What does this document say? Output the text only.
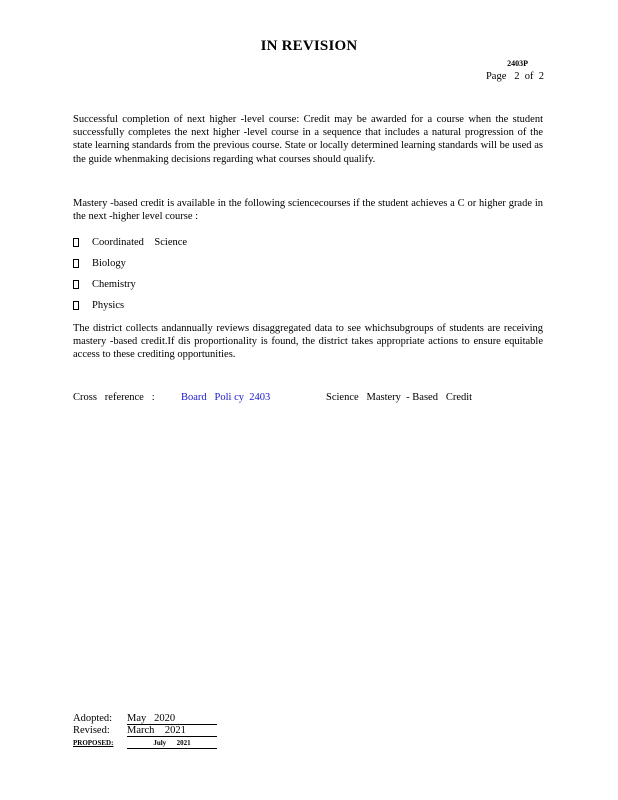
IN REVISION
2403P
Page   2  of  2
Successful completion of next higher -level course: Credit may be awarded for a course when the student successfully completes the next higher -level course in a sequence that includes a natural progression of the state learning standards from the previous course. State or locally determined learning standards will be used as the guide whenmaking decisions regarding what courses should qualify.
Mastery -based credit is available in the following sciencecourses if the student achieves a C or higher grade in the next -higher level course :
Coordinated    Science
Biology
Chemistry
Physics
The district collects andannually reviews disaggregated data to see whichsubgroups of students are receiving mastery -based credit.If dis proportionality is found, the district takes appropriate actions to ensure equitable access to these crediting opportunities.
Cross   reference   :	Board   Poli cy  2403	Science   Mastery  - Based   Credit
Adopted:	May   2020
Revised:	March    2021
PROPOSED:	July      2021
